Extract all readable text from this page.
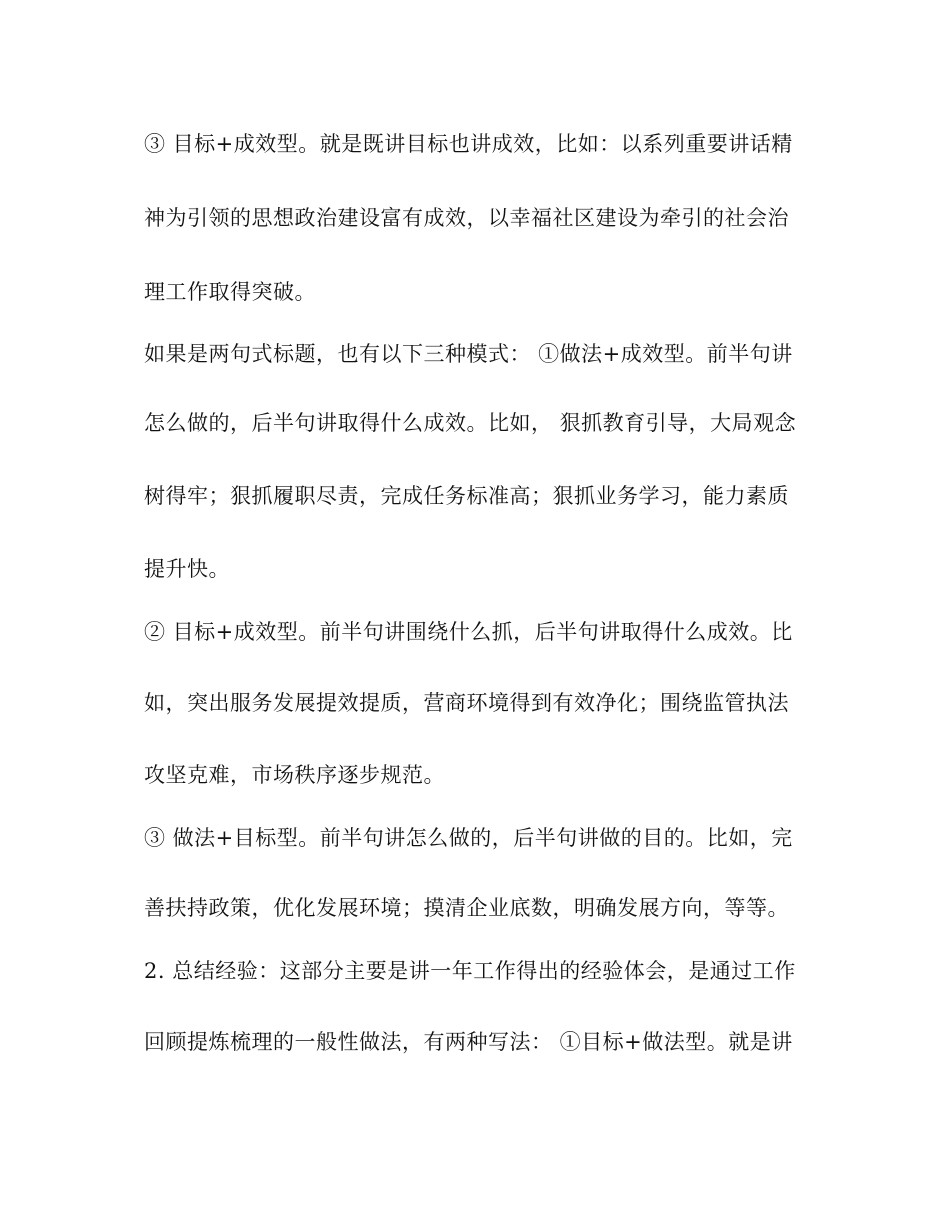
③ 目标+成效型。就是既讲目标也讲成效，比如：以系列重要讲话精
神为引领的思想政治建设富有成效，以幸福社区建设为牵引的社会治
理工作取得突破。
如果是两句式标题，也有以下三种模式： ①做法+成效型。前半句讲
怎么做的，后半句讲取得什么成效。比如， 狠抓教育引导，大局观念
树得牢；狠抓履职尽责，完成任务标准高；狠抓业务学习，能力素质
提升快。
② 目标+成效型。前半句讲围绕什么抓，后半句讲取得什么成效。比
如，突出服务发展提效提质，营商环境得到有效净化；围绕监管执法
攻坚克难，市场秩序逐步规范。
③ 做法+目标型。前半句讲怎么做的，后半句讲做的目的。比如，完
善扶持政策，优化发展环境；摸清企业底数，明确发展方向，等等。
2. 总结经验：这部分主要是讲一年工作得出的经验体会，是通过工作
回顾提炼梳理的一般性做法，有两种写法： ①目标+做法型。就是讲
